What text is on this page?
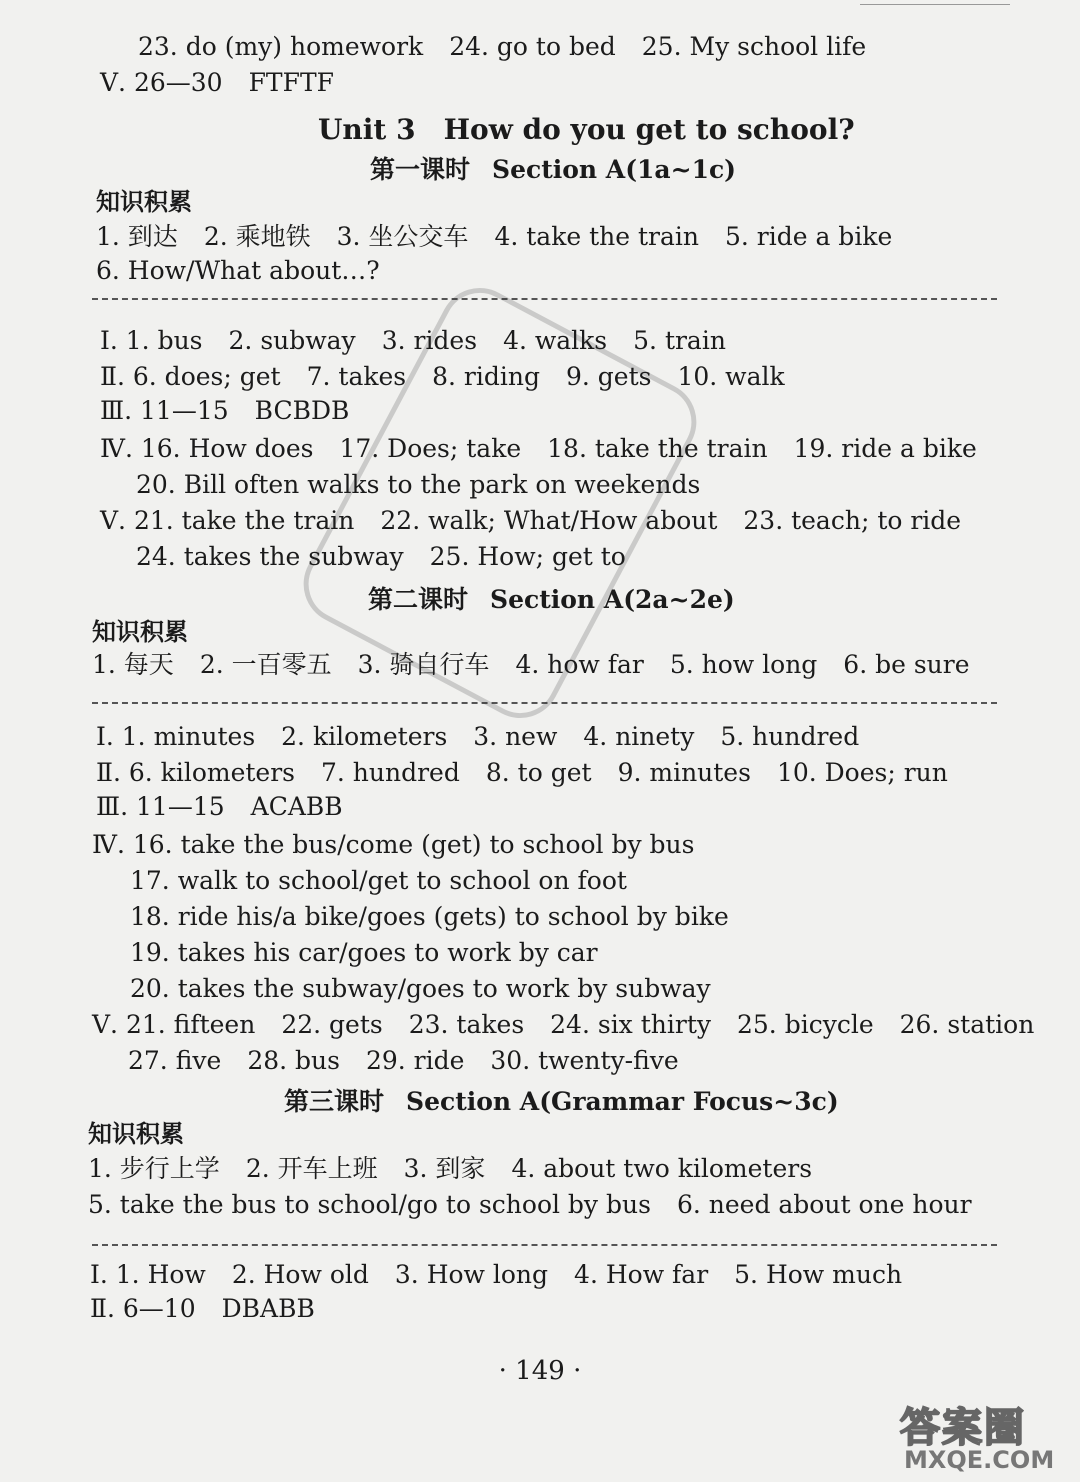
23. do (my) homework 24. go to bed 25. My school life
Ⅴ. 26—30 FTFTF
Unit 3　How do you get to school?
第一课时 Section A(1a~1c)
知识积累
1. 到达 2. 乘地铁 3. 坐公交车 4. take the train 5. ride a bike
6. How/What about…?
Ⅰ. 1. bus 2. subway 3. rides 4. walks 5. train
Ⅱ. 6. does; get 7. takes 8. riding 9. gets 10. walk
Ⅲ. 11—15 BCBDB
Ⅳ. 16. How does 17. Does; take 18. take the train 19. ride a bike
20. Bill often walks to the park on weekends
Ⅴ. 21. take the train 22. walk; What/How about 23. teach; to ride
24. takes the subway 25. How; get to
第二课时 Section A(2a~2e)
知识积累
1. 每天 2. 一百零五 3. 骑自行车 4. how far 5. how long 6. be sure
Ⅰ. 1. minutes 2. kilometers 3. new 4. ninety 5. hundred
Ⅱ. 6. kilometers 7. hundred 8. to get 9. minutes 10. Does; run
Ⅲ. 11—15 ACABB
Ⅳ. 16. take the bus/come (get) to school by bus
17. walk to school/get to school on foot
18. ride his/a bike/goes (gets) to school by bike
19. takes his car/goes to work by car
20. takes the subway/goes to work by subway
Ⅴ. 21. fifteen 22. gets 23. takes 24. six thirty 25. bicycle 26. station
27. five 28. bus 29. ride 30. twenty-five
第三课时 Section A(Grammar Focus~3c)
知识积累
1. 步行上学 2. 开车上班 3. 到家 4. about two kilometers
5. take the bus to school/go to school by bus 6. need about one hour
Ⅰ. 1. How 2. How old 3. How long 4. How far 5. How much
Ⅱ. 6—10 DBABB
· 149 ·
答案圈
MXQE.COM
